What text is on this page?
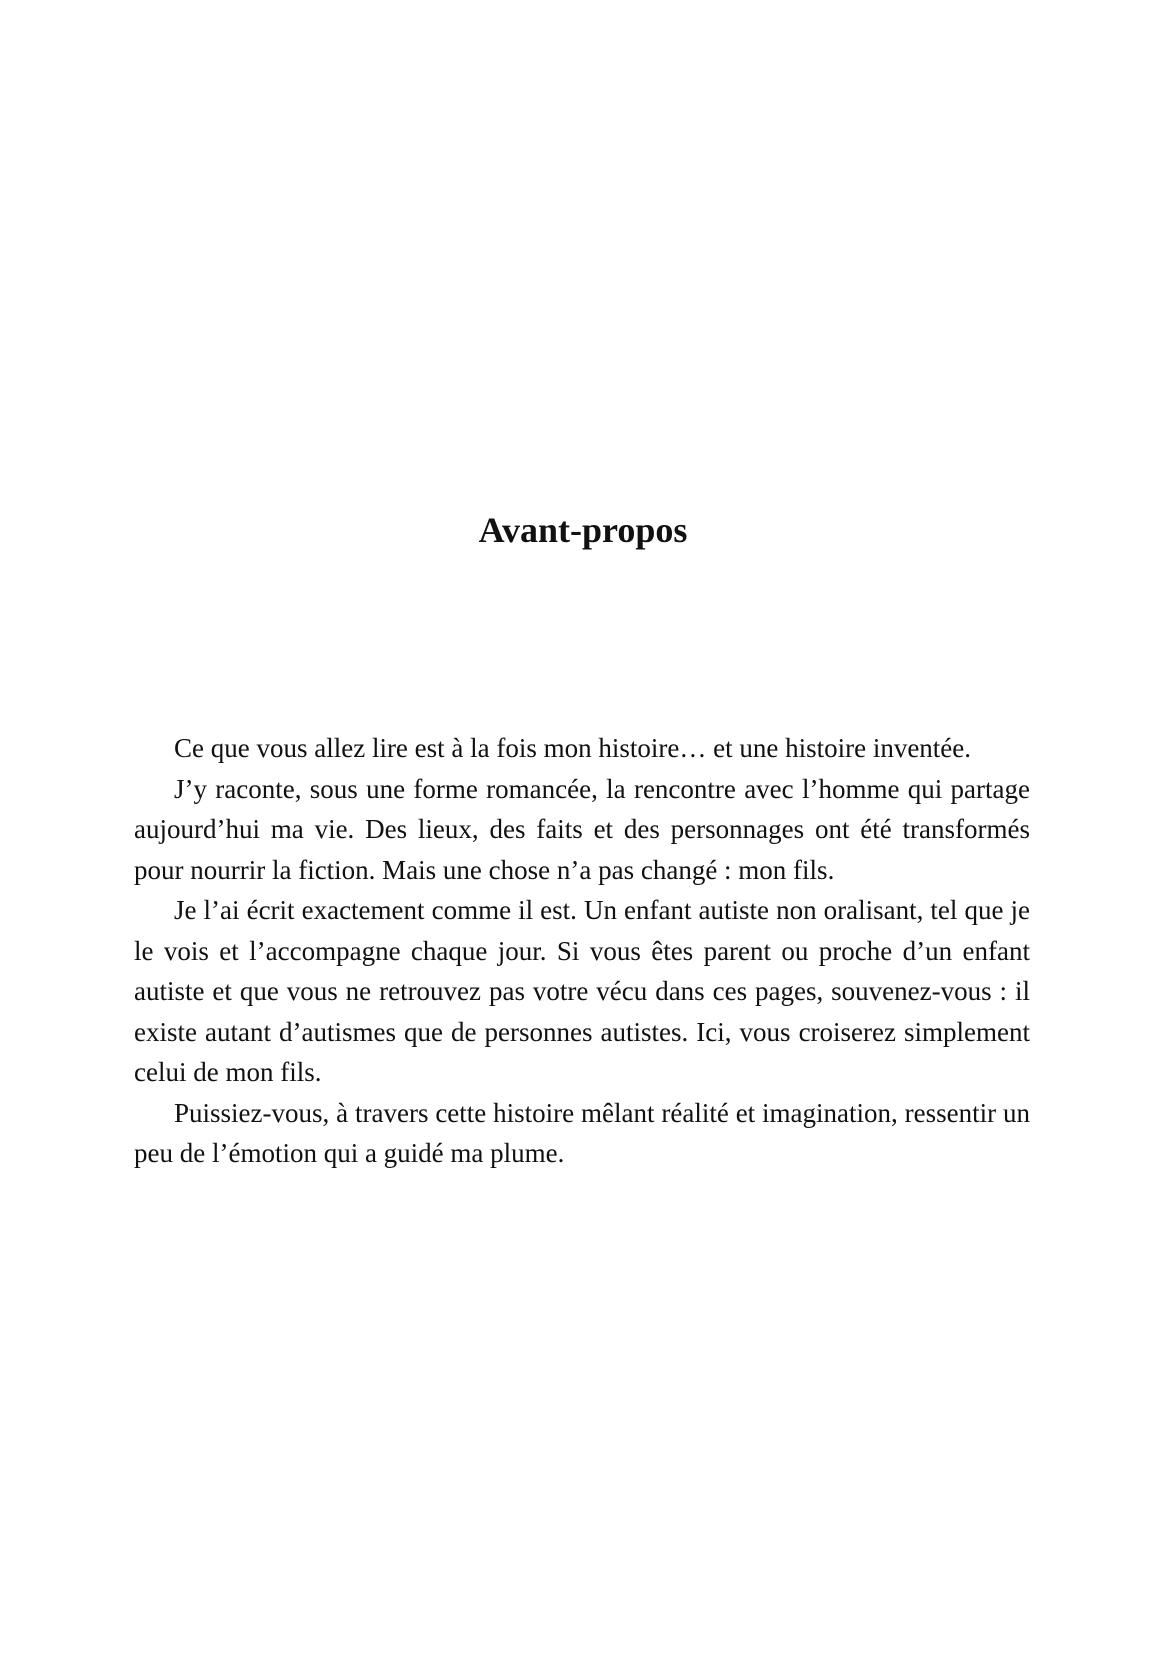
Avant-propos

Ce que vous allez lire est à la fois mon histoire… et une histoire inventée.

J’y raconte, sous une forme romancée, la rencontre avec l’homme qui partage aujourd’hui ma vie. Des lieux, des faits et des personnages ont été transformés pour nourrir la fiction. Mais une chose n’a pas changé : mon fils.

Je l’ai écrit exactement comme il est. Un enfant autiste non oralisant, tel que je le vois et l’accompagne chaque jour. Si vous êtes parent ou proche d’un enfant autiste et que vous ne retrouvez pas votre vécu dans ces pages, souvenez-vous : il existe autant d’autismes que de personnes autistes. Ici, vous croiserez simplement celui de mon fils.

Puissiez-vous, à travers cette histoire mêlant réalité et imagination, ressentir un peu de l’émotion qui a guidé ma plume.
